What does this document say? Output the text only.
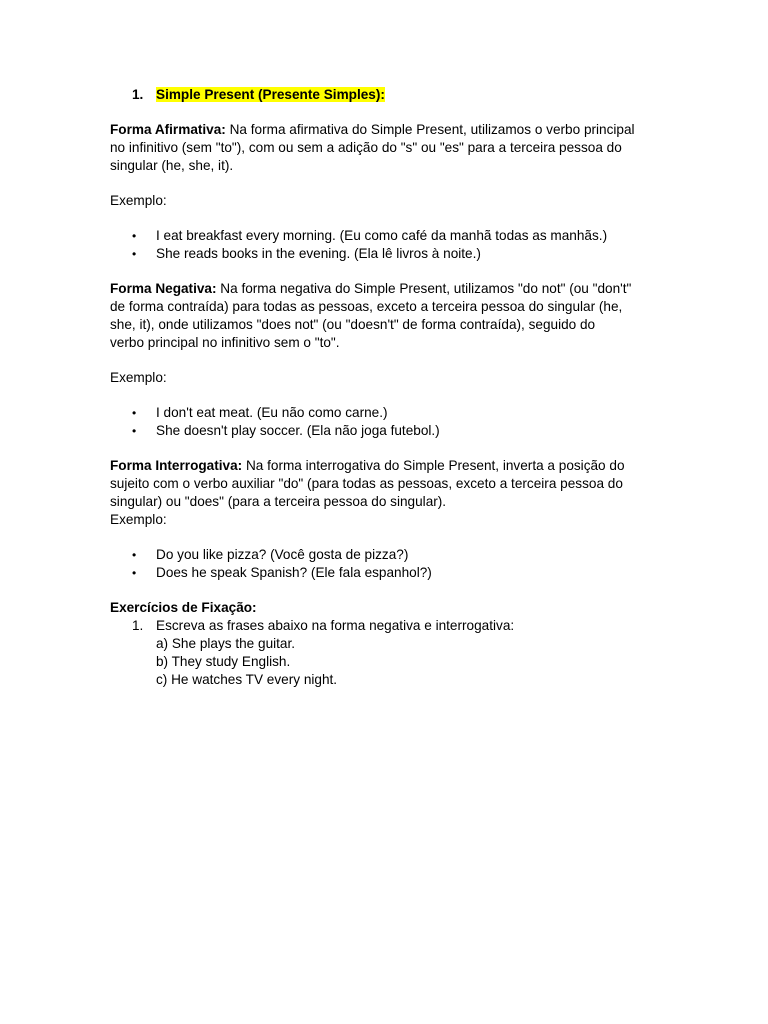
1. Simple Present (Presente Simples):

Forma Afirmativa: Na forma afirmativa do Simple Present, utilizamos o verbo principal
no infinitivo (sem "to"), com ou sem a adição do "s" ou "es" para a terceira pessoa do
singular (he, she, it).

Exemplo:

• I eat breakfast every morning. (Eu como café da manhã todas as manhãs.)
• She reads books in the evening. (Ela lê livros à noite.)

Forma Negativa: Na forma negativa do Simple Present, utilizamos "do not" (ou "don't"
de forma contraída) para todas as pessoas, exceto a terceira pessoa do singular (he,
she, it), onde utilizamos "does not" (ou "doesn't" de forma contraída), seguido do
verbo principal no infinitivo sem o "to".

Exemplo:

• I don't eat meat. (Eu não como carne.)
• She doesn't play soccer. (Ela não joga futebol.)

Forma Interrogativa: Na forma interrogativa do Simple Present, inverta a posição do
sujeito com o verbo auxiliar "do" (para todas as pessoas, exceto a terceira pessoa do
singular) ou "does" (para a terceira pessoa do singular).

Exemplo:

• Do you like pizza? (Você gosta de pizza?)
• Does he speak Spanish? (Ele fala espanhol?)

Exercícios de Fixação:

1. Escreva as frases abaixo na forma negativa e interrogativa:
a) She plays the guitar.
b) They study English.
c) He watches TV every night.
